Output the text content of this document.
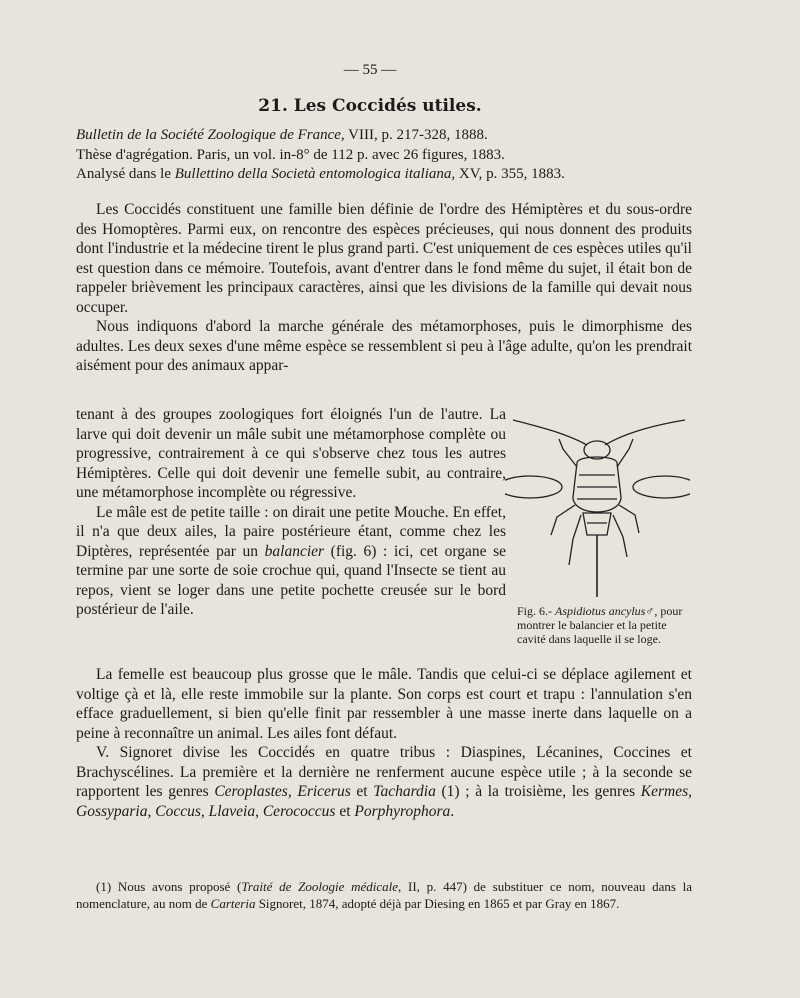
— 55 —
21. Les Coccidés utiles.
Bulletin de la Société Zoologique de France, VIII, p. 217-328, 1888.
Thèse d'agrégation. Paris, un vol. in-8° de 112 p. avec 26 figures, 1883.
Analysé dans le Bullettino della Società entomologica italiana, XV, p. 355, 1883.

Les Coccidés constituent une famille bien définie de l'ordre des Hémiptères et du sous-ordre des Homoptères. Parmi eux, on rencontre des espèces précieuses, qui nous donnent des produits dont l'industrie et la médecine tirent le plus grand parti. C'est uniquement de ces espèces utiles qu'il est question dans ce mémoire. Toutefois, avant d'entrer dans le fond même du sujet, il était bon de rappeler brièvement les principaux caractères, ainsi que les divisions de la famille qui devait nous occuper.

Nous indiquons d'abord la marche générale des métamorphoses, puis le dimorphisme des adultes. Les deux sexes d'une même espèce se ressemblent si peu à l'âge adulte, qu'on les prendrait aisément pour des animaux appar-

tenant à des groupes zoologiques fort éloignés l'un de l'autre. La larve qui doit devenir un mâle subit une métamorphose complète ou progressive, contrairement à ce qui s'observe chez tous les autres Hémiptères. Celle qui doit devenir une femelle subit, au contraire, une métamorphose incomplète ou régressive.

Le mâle est de petite taille : on dirait une petite Mouche. En effet, il n'a que deux ailes, la paire postérieure étant, comme chez les Diptères, représentée par un balancier (fig. 6) : ici, cet organe se termine par une sorte de soie crochue qui, quand l'Insecte se tient au repos, vient se loger dans une petite pochette creusée sur le bord postérieur de l'aile.	Fig. 6.- Aspidiotus ancylus♂, pour montrer le balancier et la petite cavité dans laquelle il se loge.

La femelle est beaucoup plus grosse que le mâle. Tandis que celui-ci se déplace agilement et voltige çà et là, elle reste immobile sur la plante. Son corps est court et trapu : l'annulation s'en efface graduellement, si bien qu'elle finit par ressembler à une masse inerte dans laquelle on a peine à reconnaître un animal. Les ailes font défaut.

V. Signoret divise les Coccidés en quatre tribus : Diaspines, Lécanines, Coccines et Brachyscélines. La première et la dernière ne renferment aucune espèce utile ; à la seconde se rapportent les genres Ceroplastes, Ericerus et Tachardia (1) ; à la troisième, les genres Kermes, Gossyparia, Coccus, Llaveia, Cerococcus et Porphyrophora.

(1) Nous avons proposé (Traité de Zoologie médicale, II, p. 447) de substituer ce nom, nouveau dans la nomenclature, au nom de Carteria Signoret, 1874, adopté déjà par Diesing en 1865 et par Gray en 1867.
